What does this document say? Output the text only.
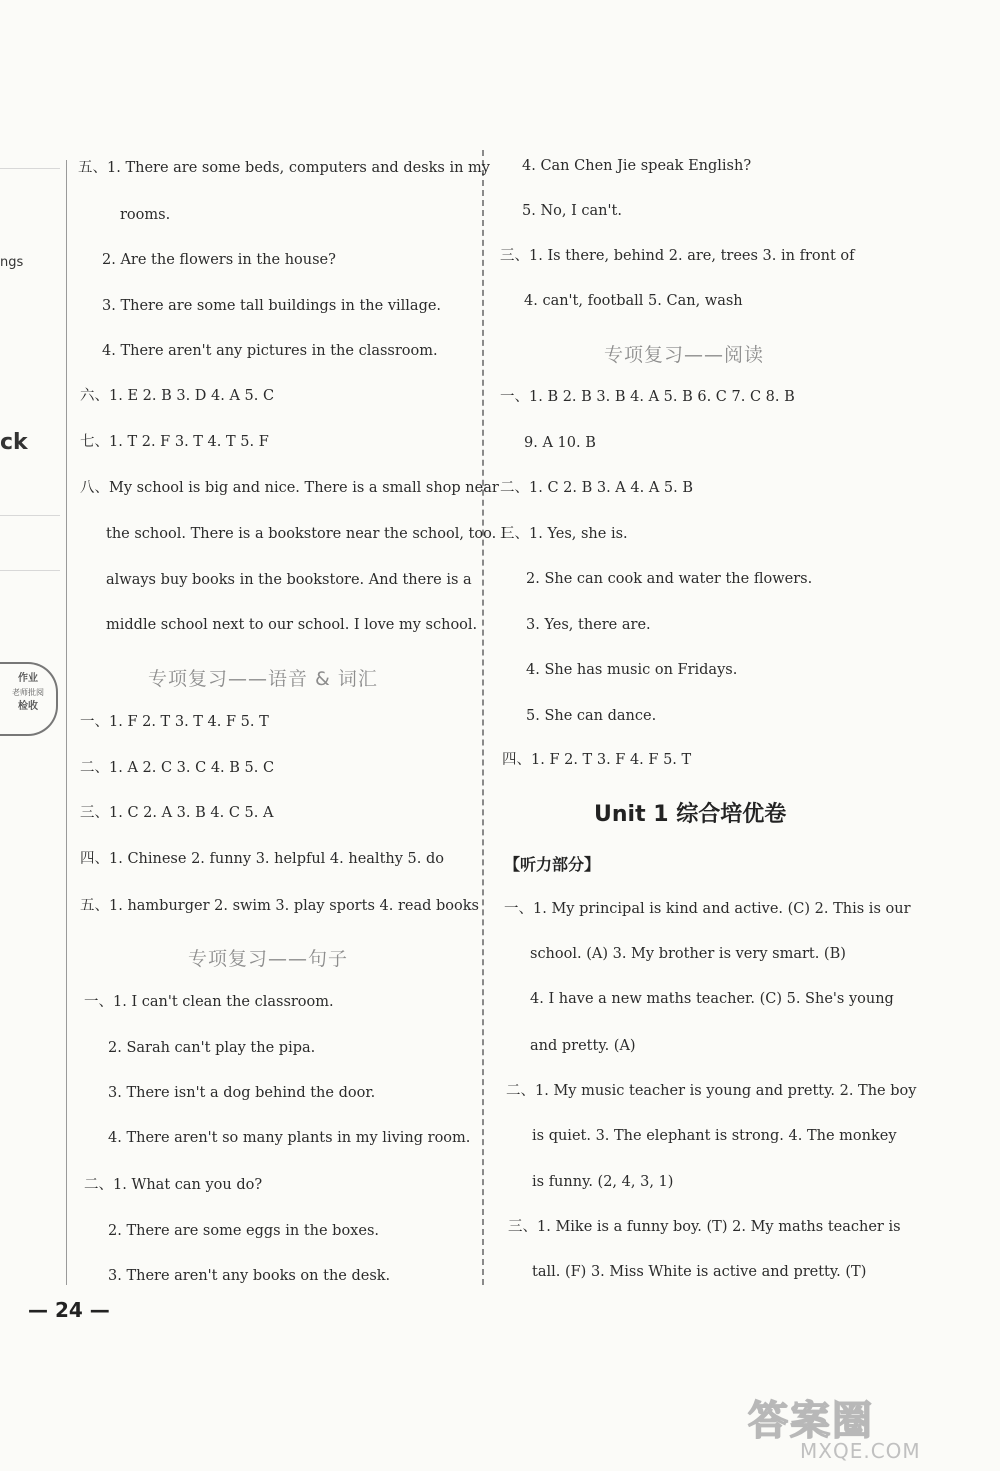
ngs
ck
作业
老师批阅
检收
五、1. There are some beds, computers and desks in my
rooms.
2. Are the flowers in the house?
3. There are some tall buildings in the village.
4. There aren't any pictures in the classroom.
六、1. E 2. B 3. D 4. A 5. C
七、1. T 2. F 3. T 4. T 5. F
八、My school is big and nice. There is a small shop near
the school. There is a bookstore near the school, too. I
always buy books in the bookstore. And there is a
middle school next to our school. I love my school.
专项复习——语音 & 词汇
一、1. F 2. T 3. T 4. F 5. T
二、1. A 2. C 3. C 4. B 5. C
三、1. C 2. A 3. B 4. C 5. A
四、1. Chinese 2. funny 3. helpful 4. healthy 5. do
五、1. hamburger 2. swim 3. play sports 4. read books
专项复习——句子
一、1. I can't clean the classroom.
2. Sarah can't play the pipa.
3. There isn't a dog behind the door.
4. There aren't so many plants in my living room.
二、1. What can you do?
2. There are some eggs in the boxes.
3. There aren't any books on the desk.
4. Can Chen Jie speak English?
5. No, I can't.
三、1. Is there, behind 2. are, trees 3. in front of
4. can't, football 5. Can, wash
专项复习——阅读
一、1. B 2. B 3. B 4. A 5. B 6. C 7. C 8. B
9. A 10. B
二、1. C 2. B 3. A 4. A 5. B
三、1. Yes, she is.
2. She can cook and water the flowers.
3. Yes, there are.
4. She has music on Fridays.
5. She can dance.
四、1. F 2. T 3. F 4. F 5. T
Unit 1 综合培优卷
【听力部分】
一、1. My principal is kind and active. (C) 2. This is our
school. (A) 3. My brother is very smart. (B)
4. I have a new maths teacher. (C) 5. She's young
and pretty. (A)
二、1. My music teacher is young and pretty. 2. The boy
is quiet. 3. The elephant is strong. 4. The monkey
is funny. (2, 4, 3, 1)
三、1. Mike is a funny boy. (T) 2. My maths teacher is
tall. (F) 3. Miss White is active and pretty. (T)
— 24 —
答案圈
MXQE.COM
